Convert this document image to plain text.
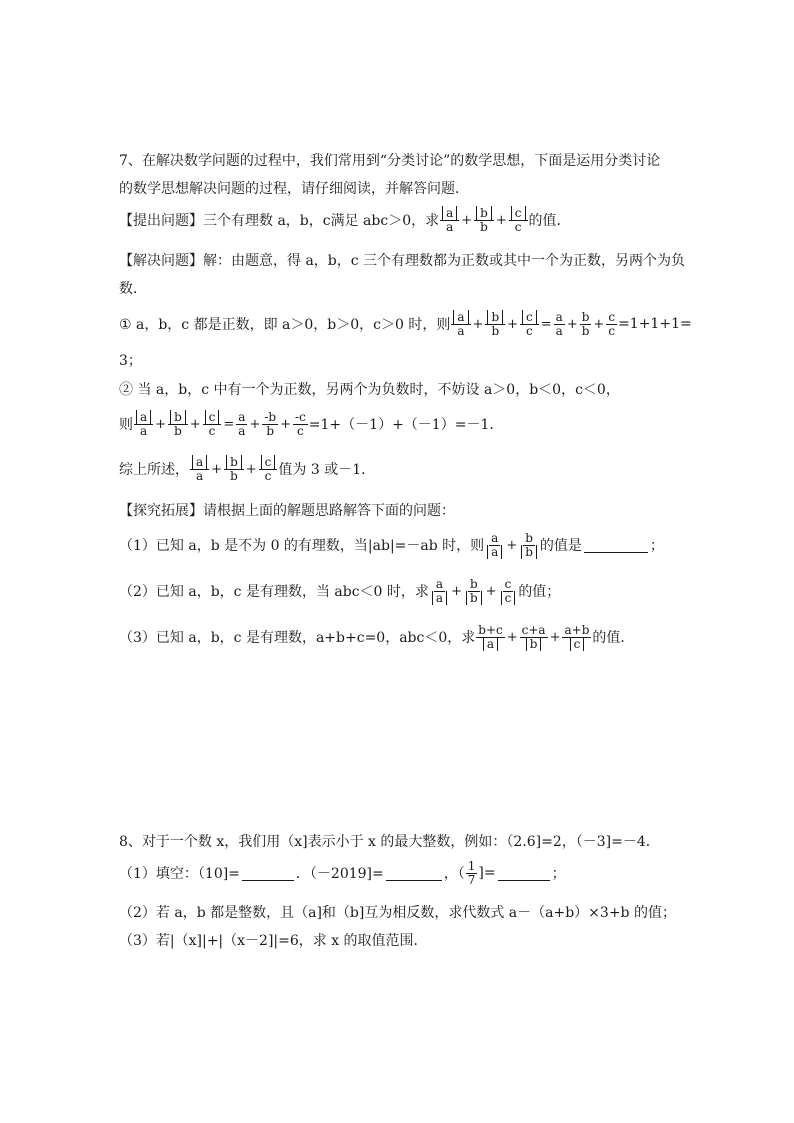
7、在解决数学问题的过程中，我们常用到“分类讨论”的数学思想，下面是运用分类讨论
的数学思想解决问题的过程，请仔细阅读，并解答问题．
【提出问题】三个有理数 a，b，c满足 abc＞0，求 $\frac{a}{a} + \frac{b}{b} + \frac{c}{c}$ 的值．
【解决问题】解：由题意，得 a，b，c 三个有理数都为正数或其中一个为正数，另两个为负
数．
① a，b，c 都是正数，即 a＞0，b＞0，c＞0 时，则 $\frac{a}{a} + \frac{b}{b} + \frac{c}{c} = \frac{a}{a} + \frac{b}{b} + \frac{c}{c} =1+1+1=$
3；
② 当 a，b，c 中有一个为正数，另两个为负数时，不妨设 a＞0，b＜0，c＜0，
则 $\frac{a}{a} + \frac{b}{b} + \frac{c}{c} = \frac{a}{a} + \frac{-b}{b} + \frac{-c}{c} =1+(-1)+(-1)=-1$．
综上所述， $\frac{a}{a} + \frac{b}{b} + \frac{c}{c}$ 值为 3 或－1．
【探究拓展】请根据上面的解题思路解答下面的问题：
（1）已知 a，b 是不为 0 的有理数，当|ab|=－ab 时，则 $\frac{a}{a} + \frac{b}{b}$ 的值是	；
（2）已知 a，b，c 是有理数，当 abc＜0 时，求 $\frac{a}{a} + \frac{b}{b} + \frac{c}{c}$ 的值；
（3）已知 a，b，c 是有理数，a+b+c=0，abc＜0，求 $\frac{b+c}{a} + \frac{c+a}{b} + \frac{a+b}{c}$ 的值．
8、对于一个数 x，我们用（x]表示小于 x 的最大整数，例如：（2.6]=2，（－3]=－4．
（1）填空：（10]=	．（－2019]=	，（ $\frac{1}{7}$ ]=	；
（2）若 a，b 都是整数，且（a]和（b]互为相反数，求代数式 a－（a+b）×3+b 的值；
（3）若|（x]|+|（x－2]|=6，求 x 的取值范围．
